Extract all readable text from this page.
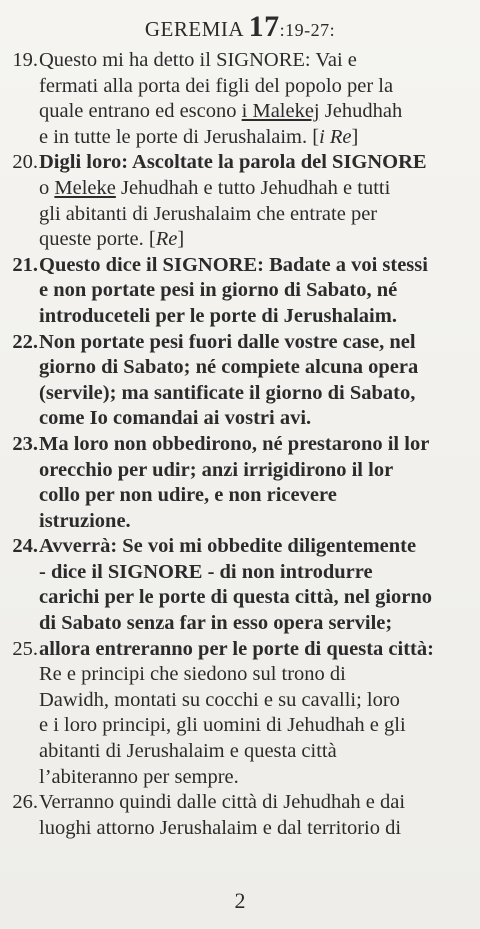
GEREMIA 17:19-27:
19. Questo mi ha detto il SIGNORE: Vai e
fermati alla porta dei figli del popolo per la
quale entrano ed escono i Malekej Jehudhah
e in tutte le porte di Jerushalaim. [i Re]
20. Digli loro: Ascoltate la parola del SIGNORE
o Meleke Jehudhah e tutto Jehudhah e tutti
gli abitanti di Jerushalaim che entrate per
queste porte. [Re]
21. Questo dice il SIGNORE: Badate a voi stessi
e non portate pesi in giorno di Sabato, né
introduceteli per le porte di Jerushalaim.
22. Non portate pesi fuori dalle vostre case, nel
giorno di Sabato; né compiete alcuna opera
(servile); ma santificate il giorno di Sabato,
come Io comandai ai vostri avi.
23. Ma loro non obbedirono, né prestarono il lor
orecchio per udir; anzi irrigidirono il lor
collo per non udire, e non ricevere
istruzione.
24. Avverrà: Se voi mi obbedite diligentemente
- dice il SIGNORE - di non introdurre
carichi per le porte di questa città, nel giorno
di Sabato senza far in esso opera servile;
25. allora entreranno per le porte di questa città:
Re e principi che siedono sul trono di
Dawidh, montati su cocchi e su cavalli; loro
e i loro principi, gli uomini di Jehudhah e gli
abitanti di Jerushalaim e questa città
l’abiteranno per sempre.
26. Verranno quindi dalle città di Jehudhah e dai
luoghi attorno Jerushalaim e dal territorio di
2
